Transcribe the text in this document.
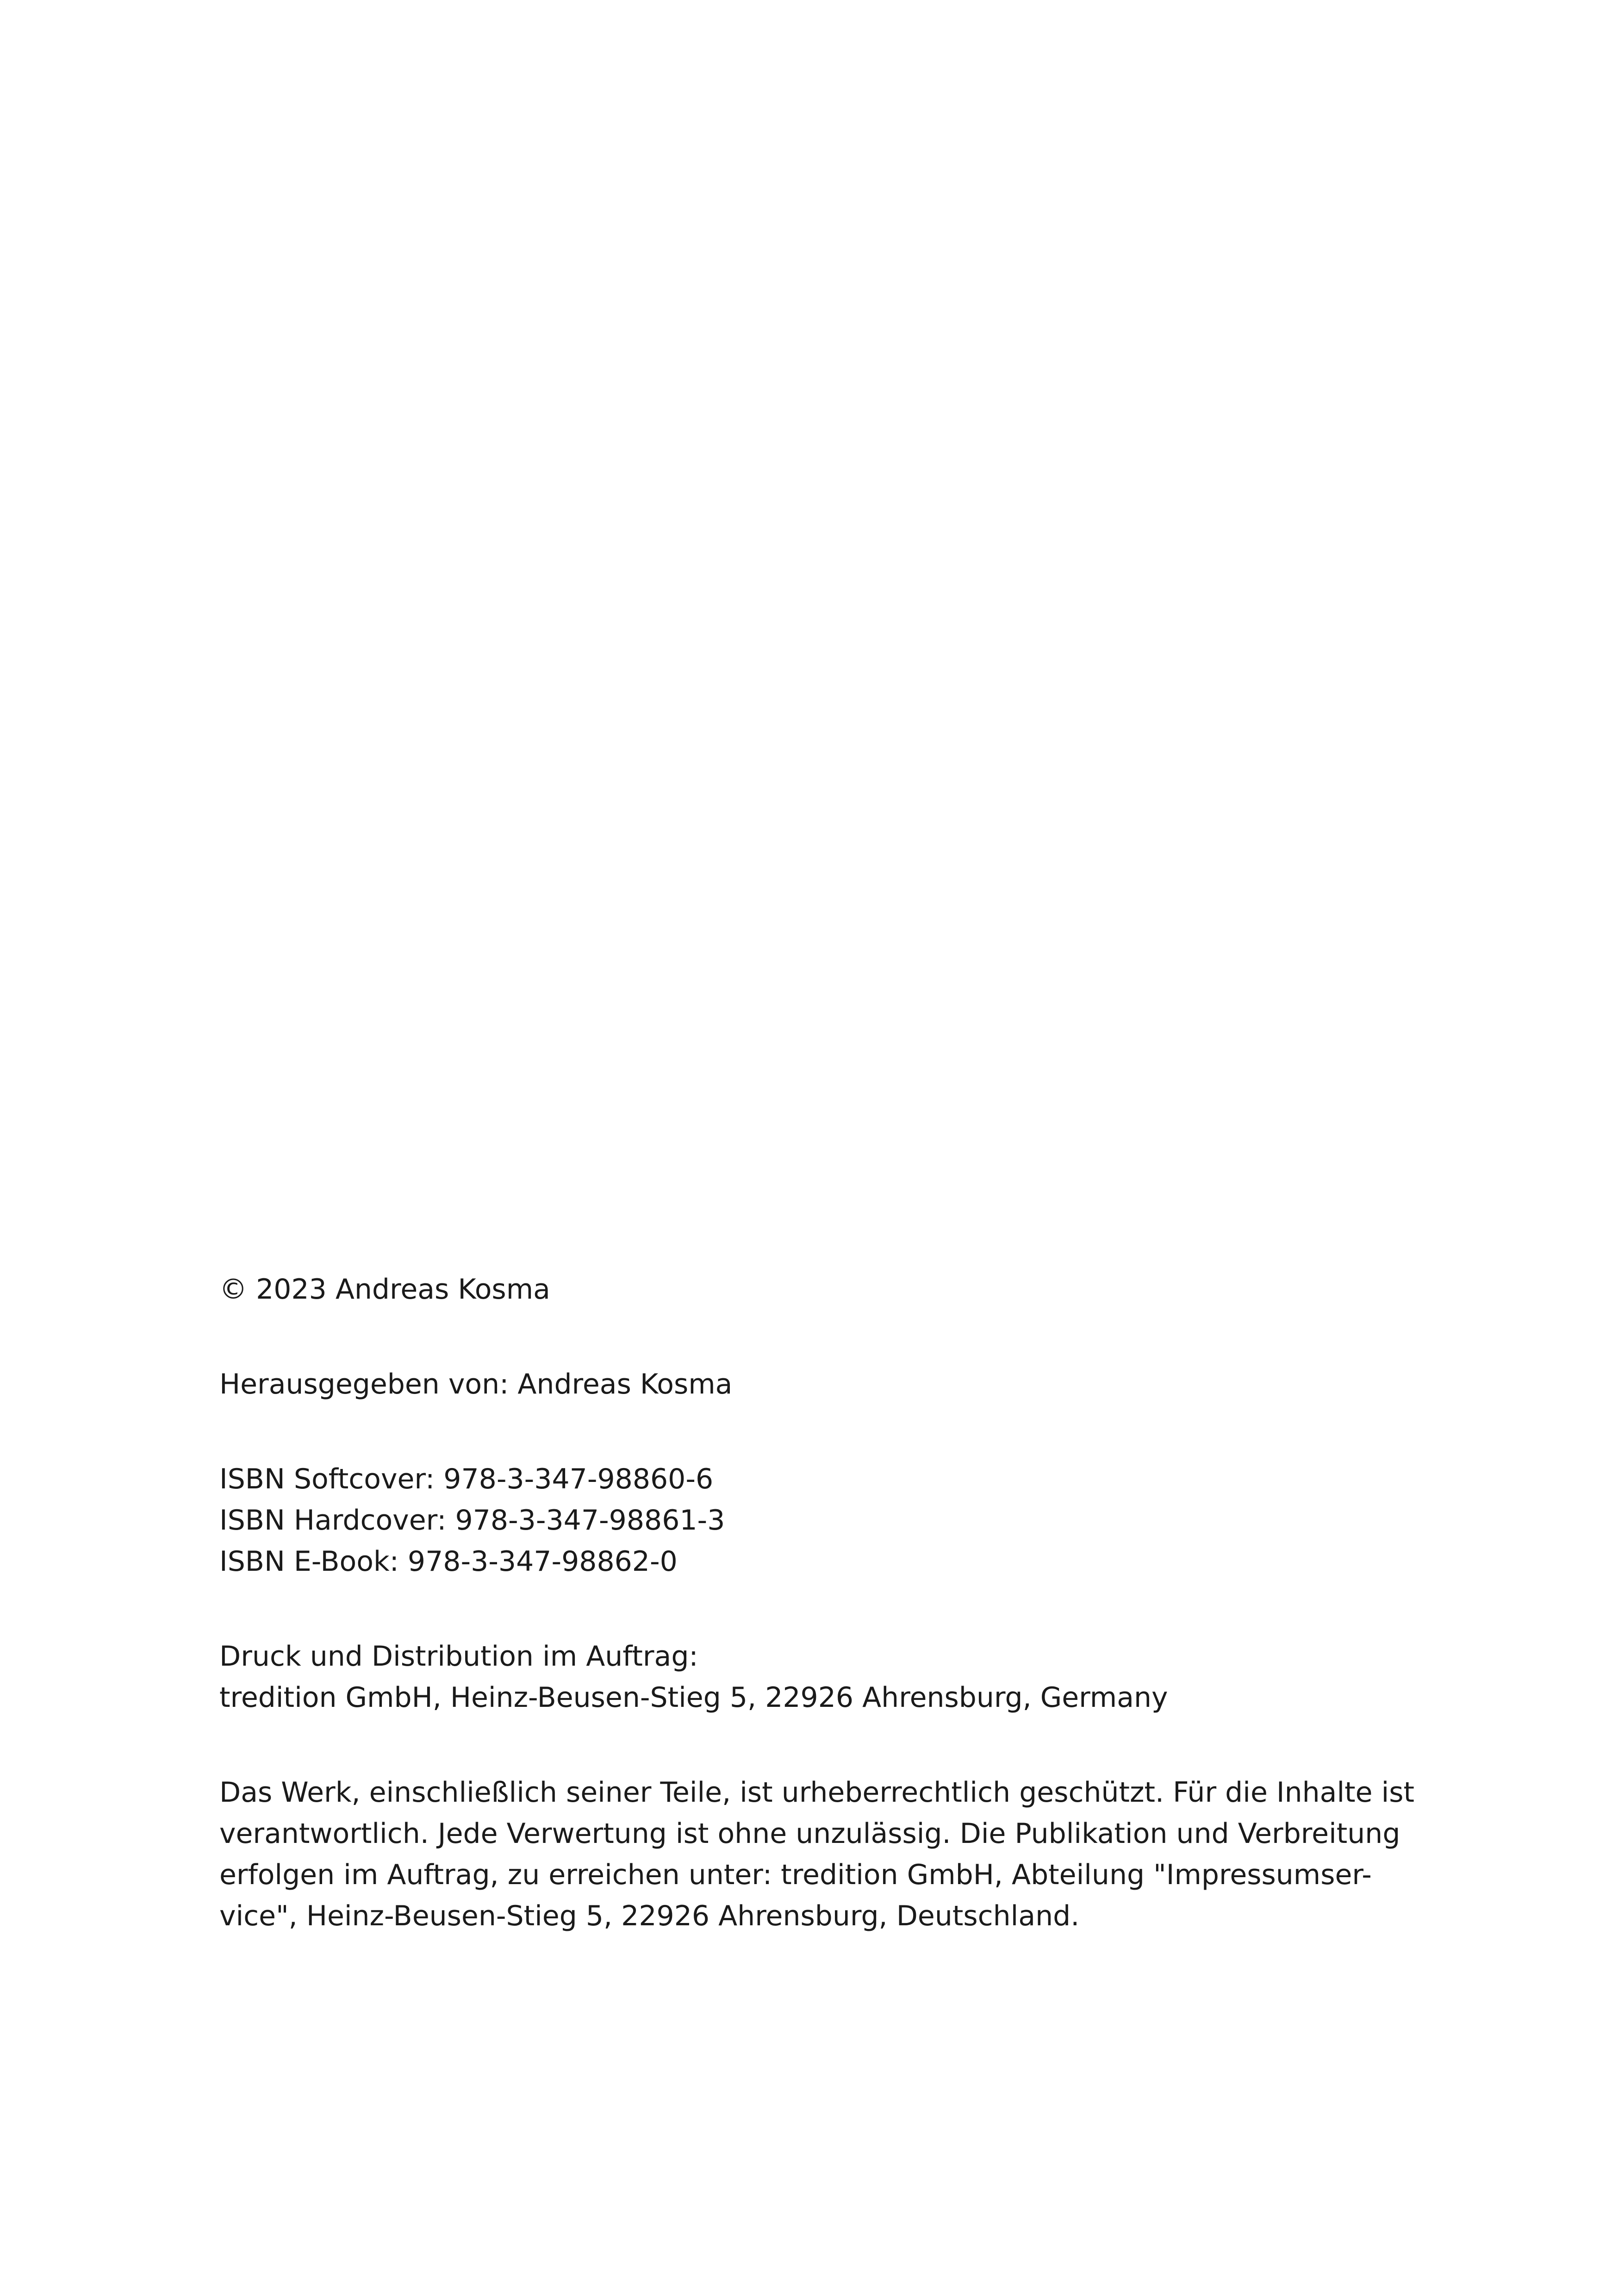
© 2023 Andreas Kosma

Herausgegeben von: Andreas Kosma

ISBN Softcover: 978-3-347-98860-6
ISBN Hardcover: 978-3-347-98861-3
ISBN E-Book: 978-3-347-98862-0

Druck und Distribution im Auftrag:
tredition GmbH, Heinz-Beusen-Stieg 5, 22926 Ahrensburg, Germany

Das Werk, einschließlich seiner Teile, ist urheberrechtlich geschützt. Für die Inhalte ist
verantwortlich. Jede Verwertung ist ohne unzulässig. Die Publikation und Verbreitung
erfolgen im Auftrag, zu erreichen unter: tredition GmbH, Abteilung "Impressumser-
vice", Heinz-Beusen-Stieg 5, 22926 Ahrensburg, Deutschland.
